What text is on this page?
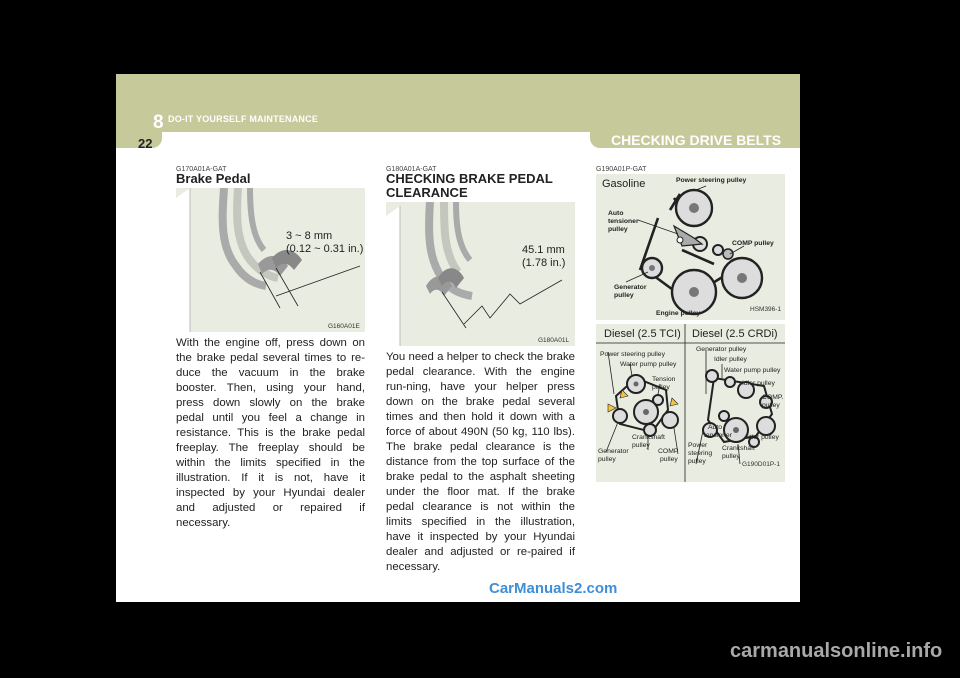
8 DO-IT YOURSELF MAINTENANCE
22	CHECKING DRIVE BELTS
G170A01A-GAT
Brake Pedal
3 ~ 8 mm
(0.12 ~ 0.31 in.)
G160A01E
With the engine off, press down on the brake pedal several times to re-duce the vacuum in the brake booster. Then, using your hand, press down slowly on the brake pedal until you feel a change in resistance. This is the brake pedal freeplay. The freeplay should be within the limits specified in the illustration. If it is not, have it inspected by your Hyundai dealer and adjusted or repaired if necessary.
G180A01A-GAT
CHECKING BRAKE PEDAL
CLEARANCE
45.1 mm
(1.78 in.)
G180A01L
You need a helper to check the brake pedal clearance. With the engine run-ning, have your helper press down on the brake pedal several times and then hold it down with a force of about 490N (50 kg, 110 lbs). The brake pedal clearance is the distance from the top surface of the brake pedal to the asphalt sheeting under the floor mat. If the brake pedal clearance is not within the limits specified in the illustration, have it inspected by your Hyundai dealer and adjusted or re-paired if necessary.
G190A01P-GAT
Gasoline	Power steering pulley
Auto
tensioner
pulley
COMP pulley
Generator
pulley
Engine pulley
HSM396-1
Diesel (2.5 TCI) Diesel (2.5 CRDi)
Power steering pulley
Water pump pulley
Tension
pulley
Crankshaft
pulley
Generator
pulley
COMP
pulley
Generator pulley
Idler pulley
Water pump pulley
Idler pulley
COMP.
pulley
Auto
tensioner Idler pulley
Power
steering
pulley
Crankshaft
pulley
G190D01P-1
CarManuals2.com
carmanualsonline.info
